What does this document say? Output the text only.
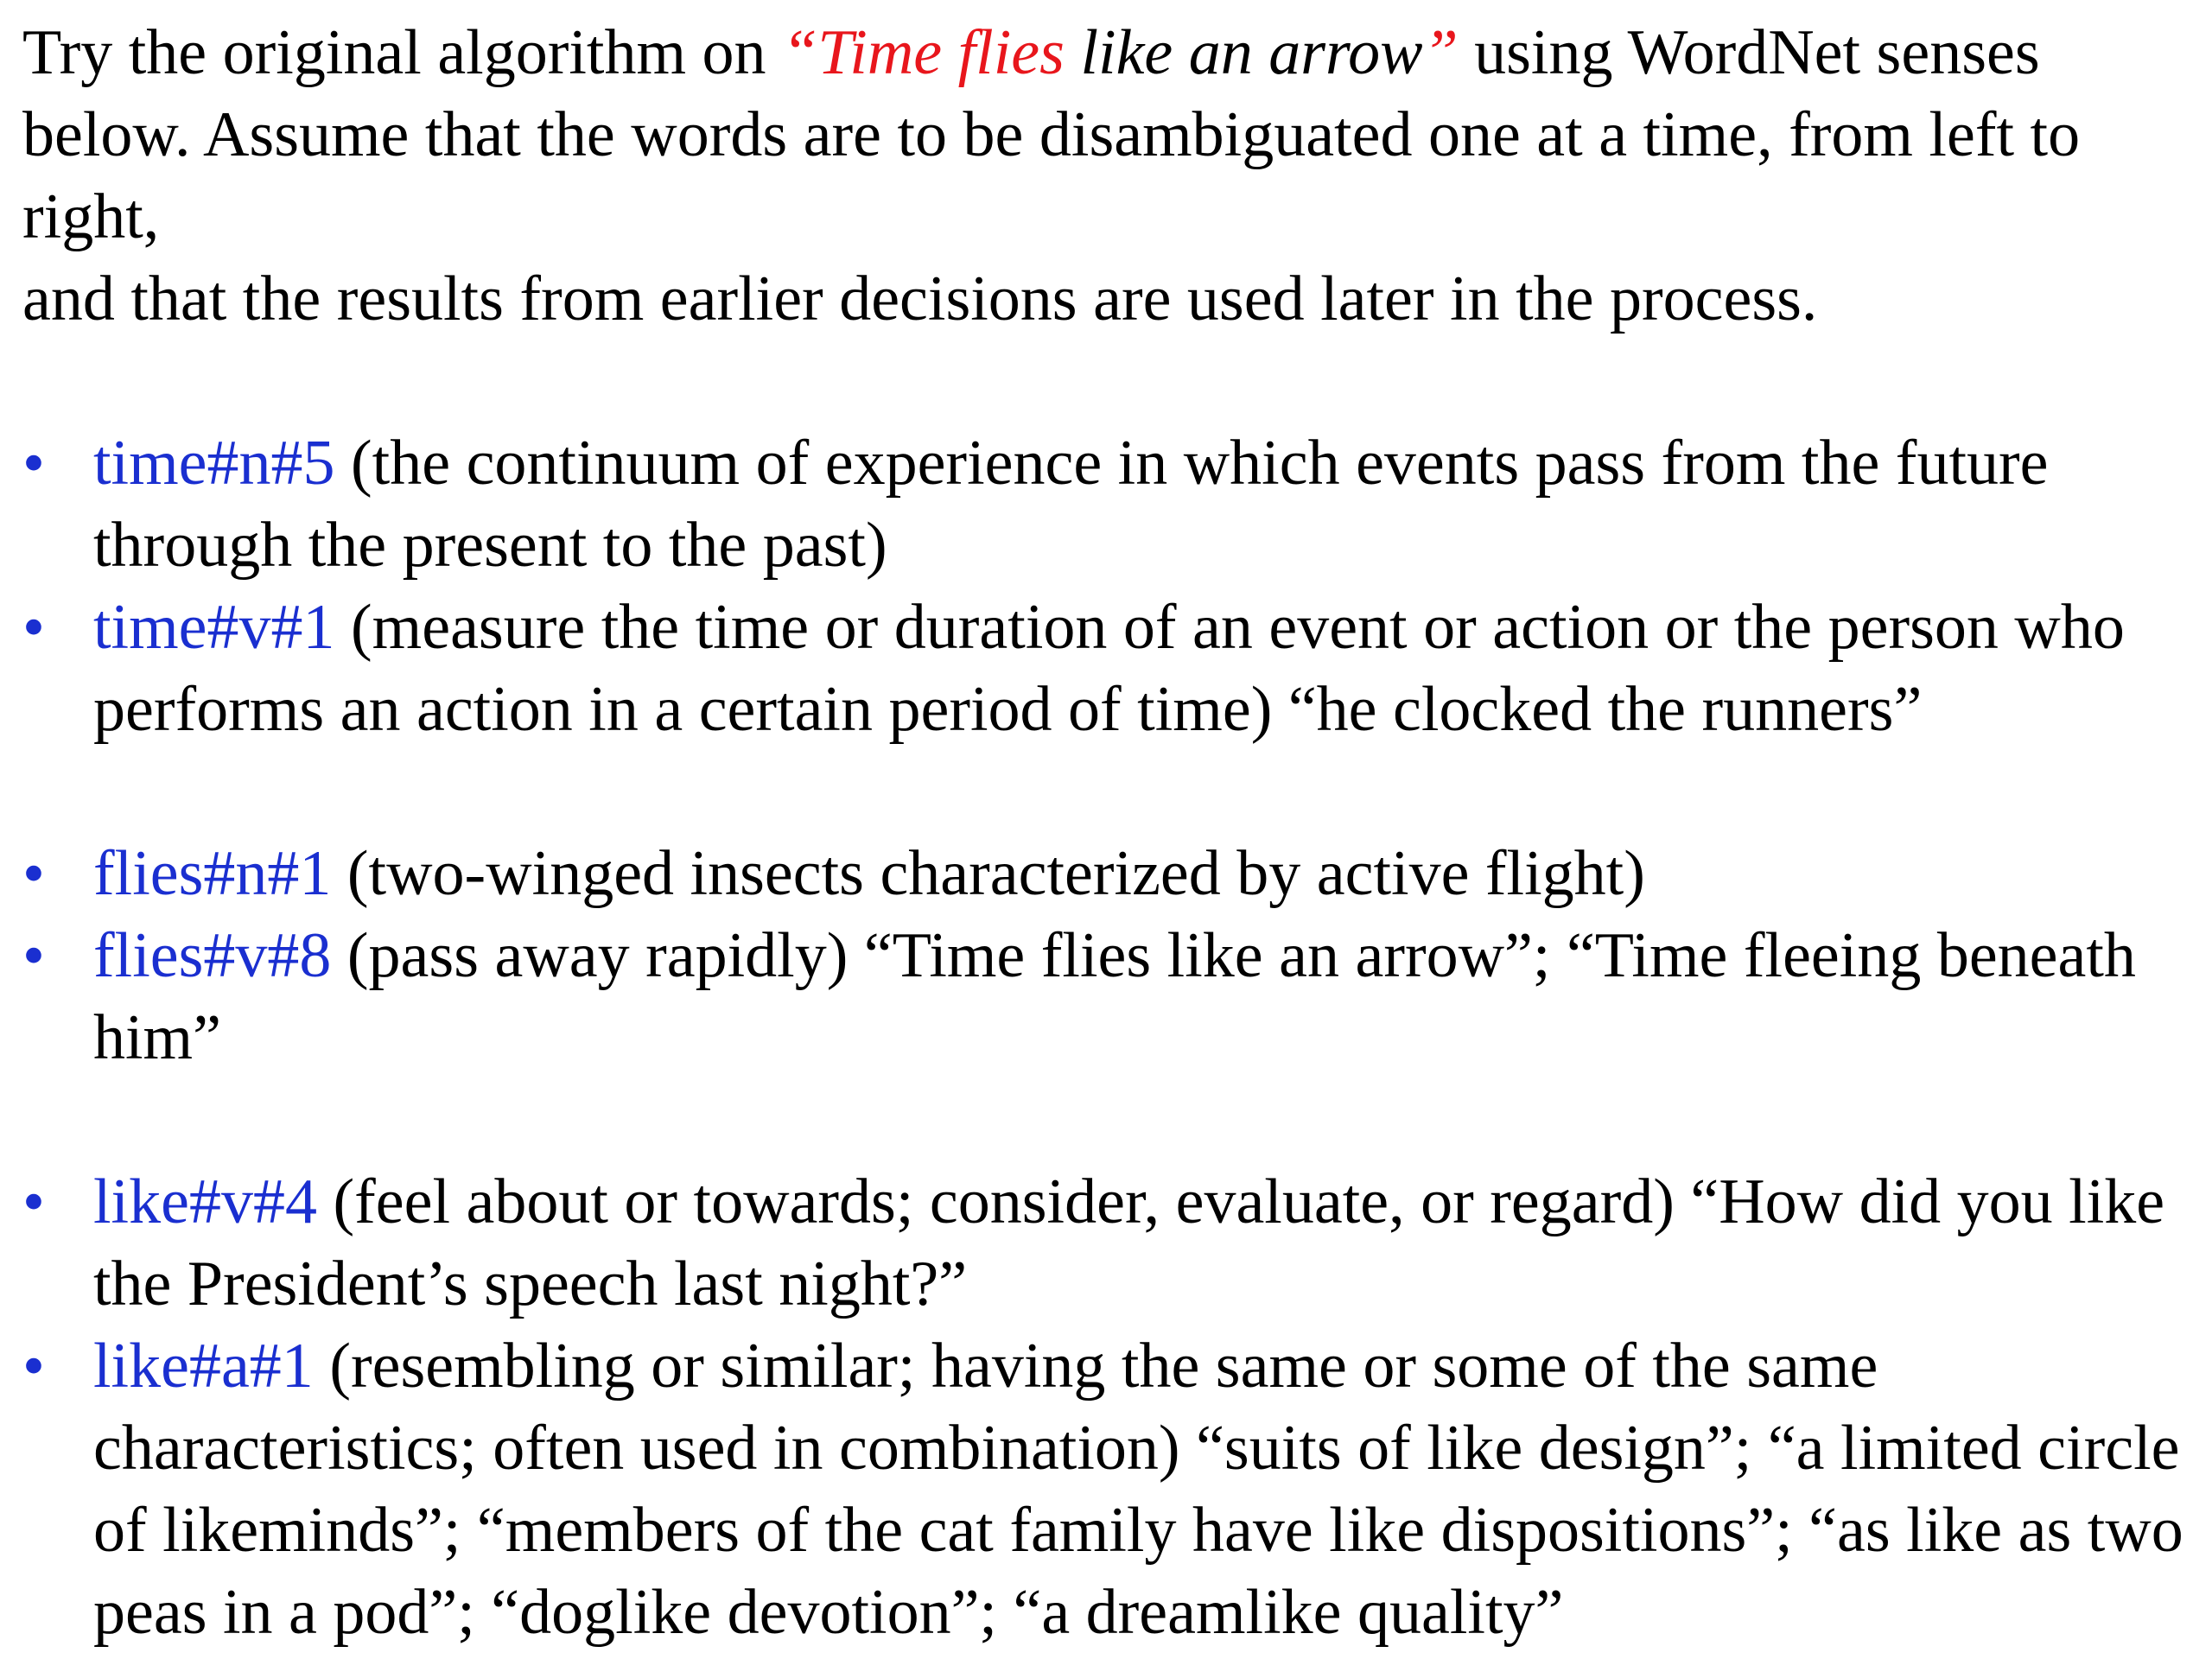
Try the original algorithm on “Time flies like an arrow” using WordNet senses below. Assume that the words are to be disambiguated one at a time, from left to right,

and that the results from earlier decisions are used later in the process.

• time#n#5 (the continuum of experience in which events pass from the future through the present to the past)
• time#v#1 (measure the time or duration of an event or action or the person who performs an action in a certain period of time) “he clocked the runners”
• flies#n#1 (two-winged insects characterized by active flight)
• flies#v#8 (pass away rapidly) “Time flies like an arrow”; “Time fleeing beneath him”
• like#v#4 (feel about or towards; consider, evaluate, or regard) “How did you like the President’s speech last night?”
• like#a#1 (resembling or similar; having the same or some of the same characteristics; often used in combination) “suits of like design”; “a limited circle of likeminds”; “members of the cat family have like dispositions”; “as like as two peas in a pod”; “doglike devotion”; “a dreamlike quality”
